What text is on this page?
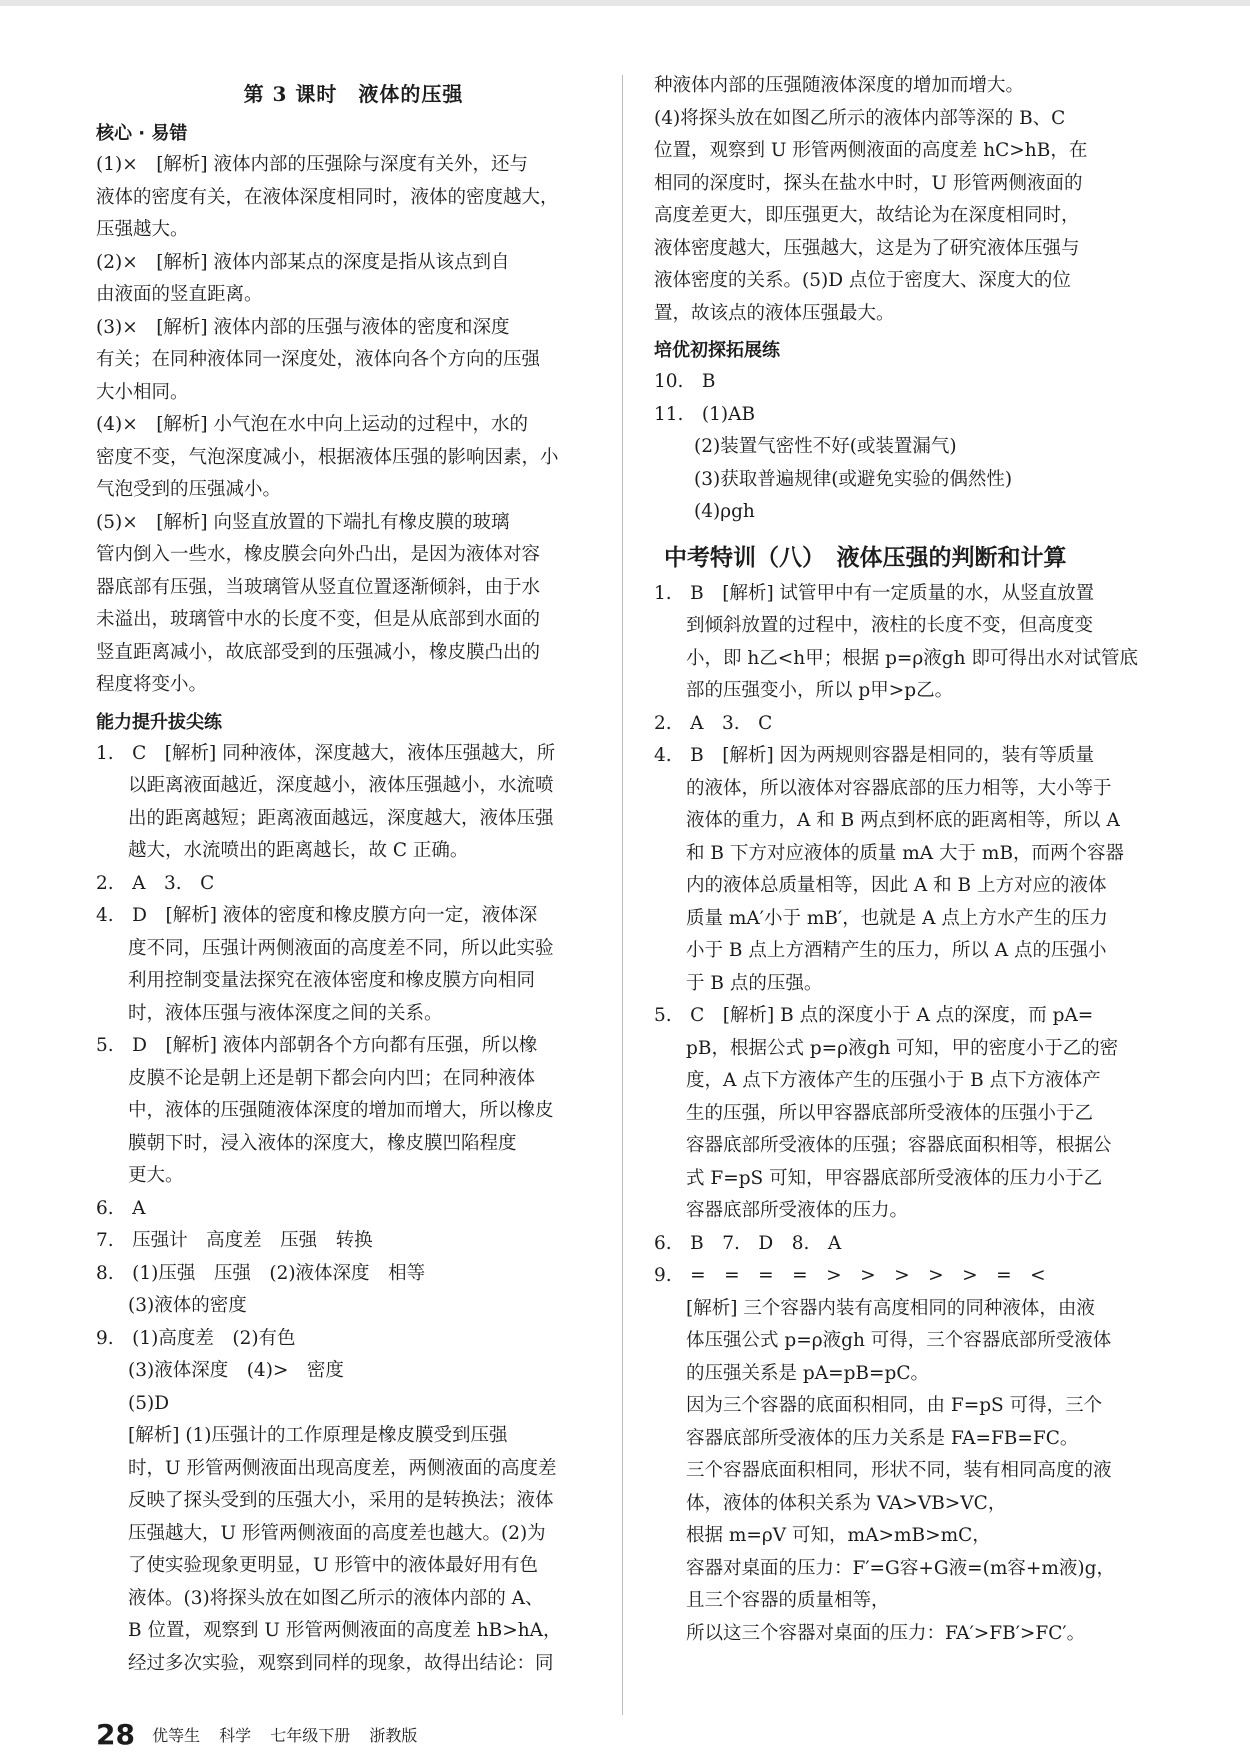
第 3 课时　液体的压强
核心 · 易错
(1)×　[解析] 液体内部的压强除与深度有关外，还与
液体的密度有关，在液体深度相同时，液体的密度越大，
压强越大。
(2)×　[解析] 液体内部某点的深度是指从该点到自
由液面的竖直距离。
(3)×　[解析] 液体内部的压强与液体的密度和深度
有关；在同种液体同一深度处，液体向各个方向的压强
大小相同。
(4)×　[解析] 小气泡在水中向上运动的过程中，水的
密度不变，气泡深度减小，根据液体压强的影响因素，小
气泡受到的压强减小。
(5)×　[解析] 向竖直放置的下端扎有橡皮膜的玻璃
管内倒入一些水，橡皮膜会向外凸出，是因为液体对容
器底部有压强，当玻璃管从竖直位置逐渐倾斜，由于水
未溢出，玻璃管中水的长度不变，但是从底部到水面的
竖直距离减小，故底部受到的压强减小，橡皮膜凸出的
程度将变小。
能力提升拔尖练
1.　C　[解析] 同种液体，深度越大，液体压强越大，所
以距离液面越近，深度越小，液体压强越小，水流喷
出的距离越短；距离液面越远，深度越大，液体压强
越大，水流喷出的距离越长，故 C 正确。
2.　A　3.　C
4.　D　[解析] 液体的密度和橡皮膜方向一定，液体深
度不同，压强计两侧液面的高度差不同，所以此实验
利用控制变量法探究在液体密度和橡皮膜方向相同
时，液体压强与液体深度之间的关系。
5.　D　[解析] 液体内部朝各个方向都有压强，所以橡
皮膜不论是朝上还是朝下都会向内凹；在同种液体
中，液体的压强随液体深度的增加而增大，所以橡皮
膜朝下时，浸入液体的深度大，橡皮膜凹陷程度
更大。
6.　A
7.　压强计　高度差　压强　转换
8.　(1)压强　压强　(2)液体深度　相等
(3)液体的密度
9.　(1)高度差　(2)有色
(3)液体深度　(4)>　密度
(5)D
[解析] (1)压强计的工作原理是橡皮膜受到压强
时，U 形管两侧液面出现高度差，两侧液面的高度差
反映了探头受到的压强大小，采用的是转换法；液体
压强越大，U 形管两侧液面的高度差也越大。(2)为
了使实验现象更明显，U 形管中的液体最好用有色
液体。(3)将探头放在如图乙所示的液体内部的 A、
B 位置，观察到 U 形管两侧液面的高度差 hB>hA，
经过多次实验，观察到同样的现象，故得出结论：同
种液体内部的压强随液体深度的增加而增大。
(4)将探头放在如图乙所示的液体内部等深的 B、C
位置，观察到 U 形管两侧液面的高度差 hC>hB，在
相同的深度时，探头在盐水中时，U 形管两侧液面的
高度差更大，即压强更大，故结论为在深度相同时，
液体密度越大，压强越大，这是为了研究液体压强与
液体密度的关系。(5)D 点位于密度大、深度大的位
置，故该点的液体压强最大。
培优初探拓展练
10.　B
11.　(1)AB
(2)装置气密性不好(或装置漏气)
(3)获取普遍规律(或避免实验的偶然性)
(4)ρgh
中考特训（八）　液体压强的判断和计算
1.　B　[解析] 试管甲中有一定质量的水，从竖直放置
到倾斜放置的过程中，液柱的长度不变，但高度变
小，即 h乙<h甲；根据 p=ρ液gh 即可得出水对试管底
部的压强变小，所以 p甲>p乙。
2.　A　3.　C
4.　B　[解析] 因为两规则容器是相同的，装有等质量
的液体，所以液体对容器底部的压力相等，大小等于
液体的重力，A 和 B 两点到杯底的距离相等，所以 A
和 B 下方对应液体的质量 mA 大于 mB，而两个容器
内的液体总质量相等，因此 A 和 B 上方对应的液体
质量 mA′小于 mB′，也就是 A 点上方水产生的压力
小于 B 点上方酒精产生的压力，所以 A 点的压强小
于 B 点的压强。
5.　C　[解析] B 点的深度小于 A 点的深度，而 pA=
pB，根据公式 p=ρ液gh 可知，甲的密度小于乙的密
度，A 点下方液体产生的压强小于 B 点下方液体产
生的压强，所以甲容器底部所受液体的压强小于乙
容器底部所受液体的压强；容器底面积相等，根据公
式 F=pS 可知，甲容器底部所受液体的压力小于乙
容器底部所受液体的压力。
6.　B　7.　D　8.　A
9.　=　=　=　=　>　>　>　>　>　=　<
[解析] 三个容器内装有高度相同的同种液体，由液
体压强公式 p=ρ液gh 可得，三个容器底部所受液体
的压强关系是 pA=pB=pC。
因为三个容器的底面积相同，由 F=pS 可得，三个
容器底部所受液体的压力关系是 FA=FB=FC。
三个容器底面积相同，形状不同，装有相同高度的液
体，液体的体积关系为 VA>VB>VC，
根据 m=ρV 可知，mA>mB>mC，
容器对桌面的压力：F′=G容+G液=(m容+m液)g，
且三个容器的质量相等，
所以这三个容器对桌面的压力：FA′>FB′>FC′。
28 优等生 科学 七年级下册 浙教版
